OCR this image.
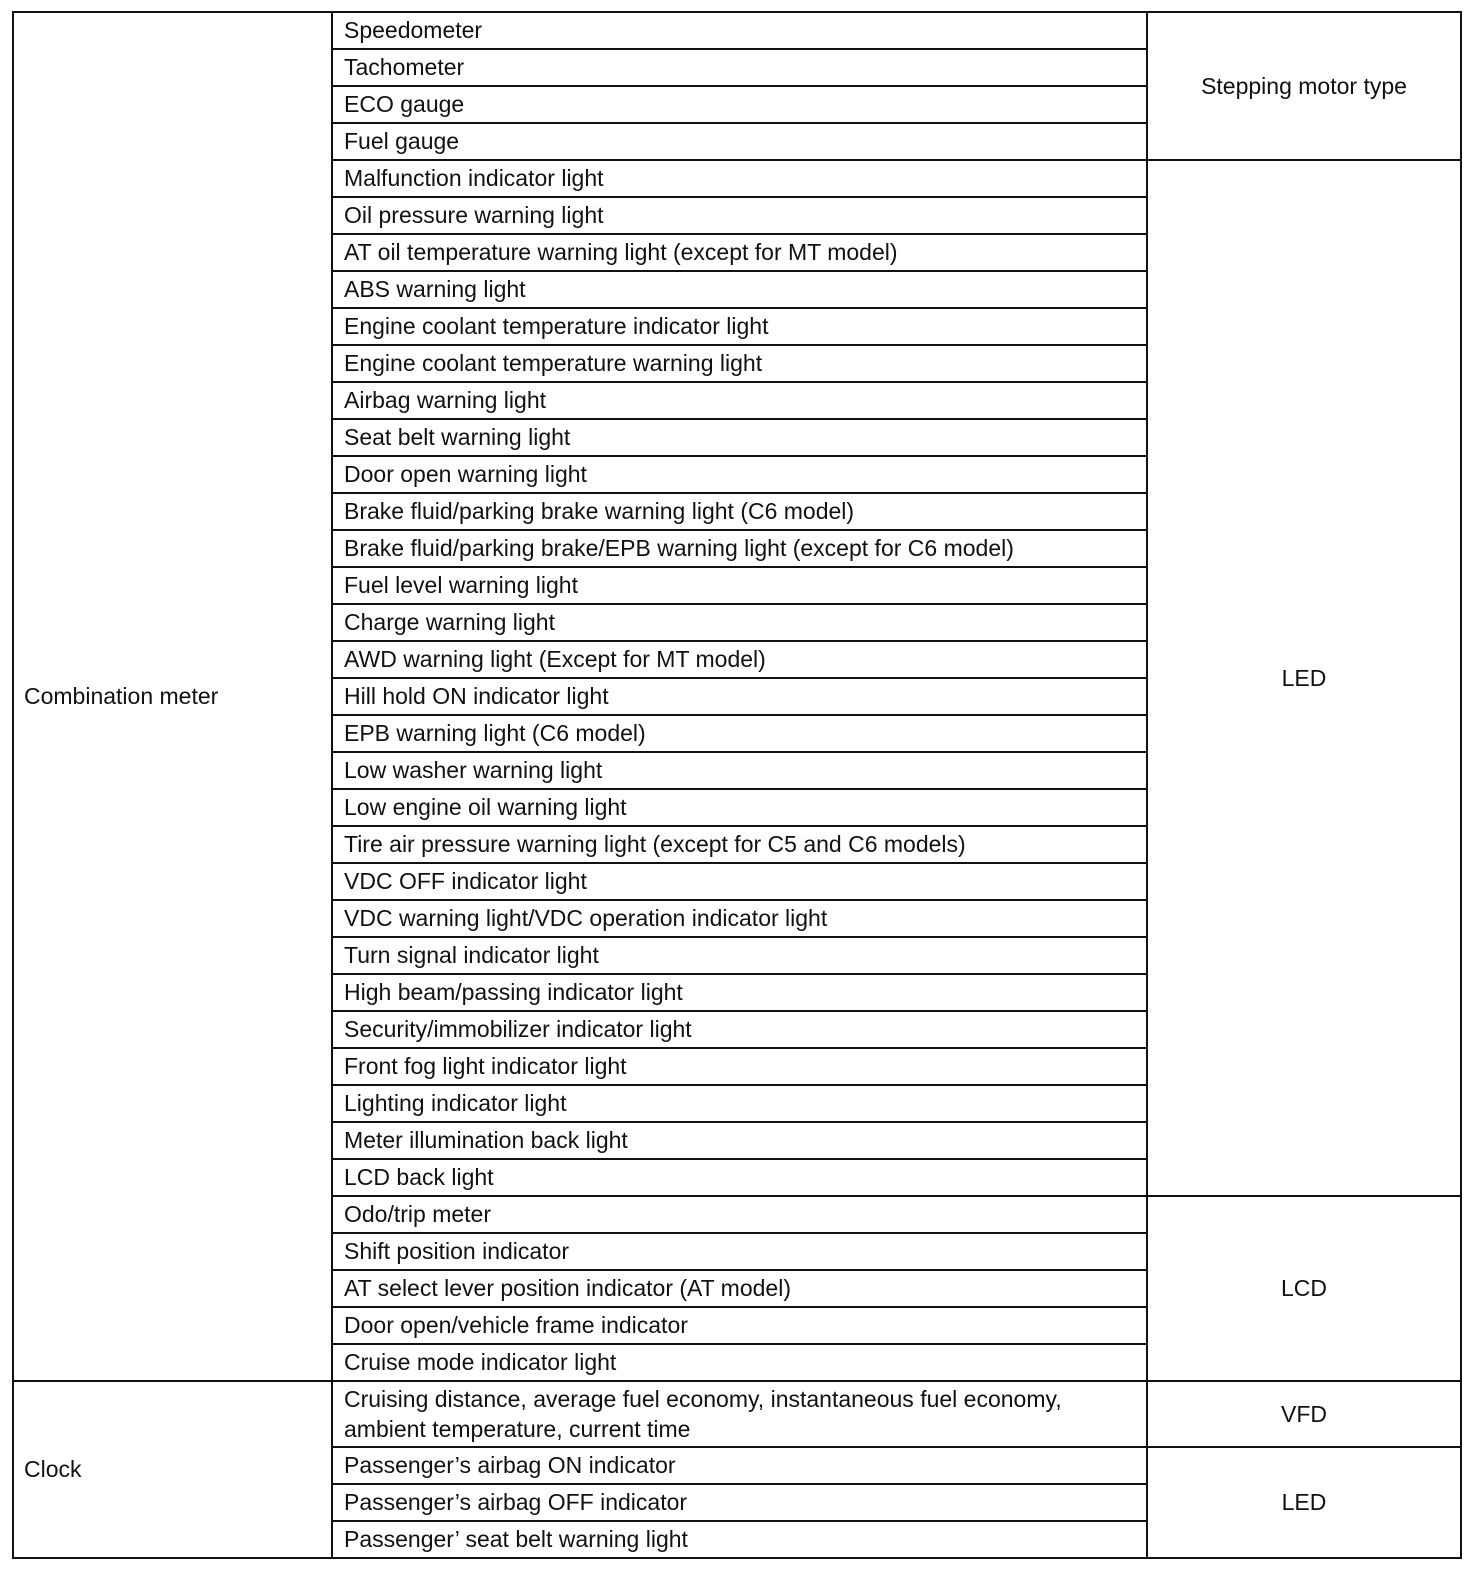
Combination meter	Speedometer	Stepping motor type
	Tachometer	
	ECO gauge	
	Fuel gauge	
	Malfunction indicator light	LED
	Oil pressure warning light	
	AT oil temperature warning light (except for MT model)	
	ABS warning light	
	Engine coolant temperature indicator light	
	Engine coolant temperature warning light	
	Airbag warning light	
	Seat belt warning light	
	Door open warning light	
	Brake fluid/parking brake warning light (C6 model)	
	Brake fluid/parking brake/EPB warning light (except for C6 model)	
	Fuel level warning light	
	Charge warning light	
	AWD warning light (Except for MT model)	
	Hill hold ON indicator light	
	EPB warning light (C6 model)	
	Low washer warning light	
	Low engine oil warning light	
	Tire air pressure warning light (except for C5 and C6 models)	
	VDC OFF indicator light	
	VDC warning light/VDC operation indicator light	
	Turn signal indicator light	
	High beam/passing indicator light	
	Security/immobilizer indicator light	
	Front fog light indicator light	
	Lighting indicator light	
	Meter illumination back light	
	LCD back light	
	Odo/trip meter	LCD
	Shift position indicator	
	AT select lever position indicator (AT model)	
	Door open/vehicle frame indicator	
	Cruise mode indicator light	
Clock	Cruising distance, average fuel economy, instantaneous fuel economy, ambient temperature, current time	VFD
	Passenger’s airbag ON indicator	LED
	Passenger’s airbag OFF indicator	
	Passenger’ seat belt warning light	
